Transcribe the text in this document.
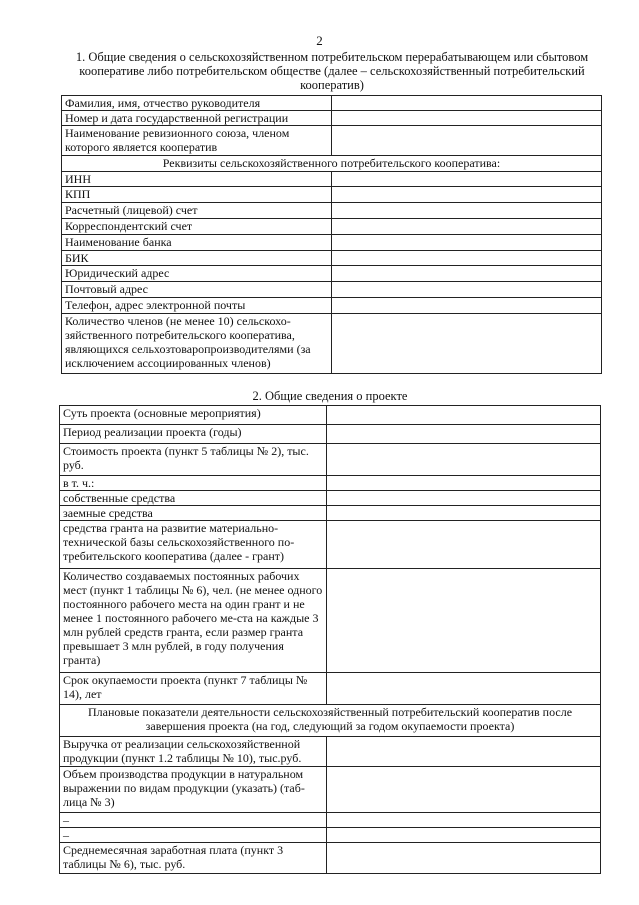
2
1. Общие сведения о сельскохозяйственном потребительском перерабатывающем или сбытовом кооперативе либо потребительском обществе (далее – сельскохозяйственный потребительский кооператив)
Фамилия, имя, отчество руководителя	
Номер и дата государственной регистрации	
Наименование ревизионного союза, членом которого является кооператив	
Реквизиты сельскохозяйственного потребительского кооператива:	
ИНН	
КПП	
Расчетный (лицевой) счет	
Корреспондентский счет	
Наименование банка	
БИК	
Юридический адрес	
Почтовый адрес	
Телефон, адрес электронной почты	
Количество членов (не менее 10) сельскохо-зяйственного потребительского кооператива, являющихся сельхозтоваропроизводителями (за исключением ассоциированных членов)	
2. Общие сведения о проекте
Суть проекта (основные мероприятия)	
Период реализации проекта (годы)	
Стоимость проекта (пункт 5 таблицы № 2), тыс. руб.	
в т. ч.:	
собственные средства	
заемные средства	
средства гранта на развитие материально-технической базы сельскохозяйственного по-требительского кооператива (далее - грант)	
Количество создаваемых постоянных рабочих мест (пункт 1 таблицы № 6), чел. (не менее одного постоянного рабочего места на один грант и не менее 1 постоянного рабочего ме-ста на каждые 3 млн рублей средств гранта, если размер гранта превышает 3 млн рублей, в году получения гранта)	
Срок окупаемости проекта (пункт 7 таблицы № 14), лет	
Плановые показатели деятельности сельскохозяйственный потребительский кооператив после завершения проекта (на год, следующий за годом окупаемости проекта)	
Выручка от реализации сельскохозяйственной продукции (пункт 1.2 таблицы № 10), тыс.руб.	
Объем производства продукции в натуральном выражении по видам продукции (указать) (таб-лица № 3)	
–	
–	
Среднемесячная заработная плата (пункт 3 таблицы № 6), тыс. руб.	
